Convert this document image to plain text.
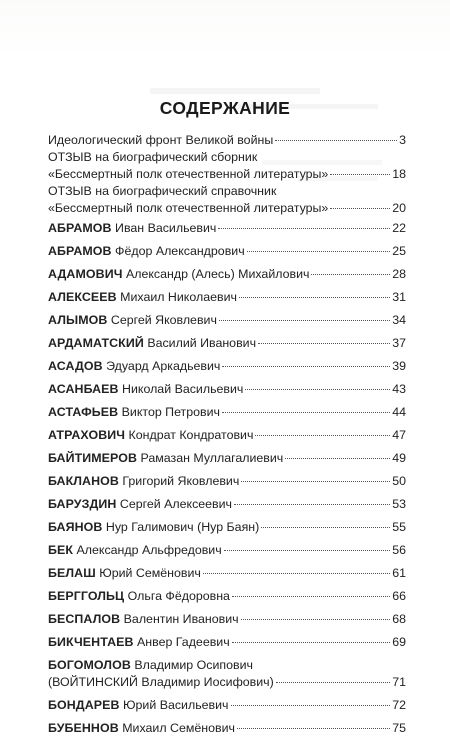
СОДЕРЖАНИЕ
Идеологический фронт Великой войны	3
ОТЗЫВ на биографический сборник
«Бессмертный полк отечественной литературы»	18
ОТЗЫВ на биографический справочник
«Бессмертный полк отечественной литературы»	20
АБРАМОВ Иван Васильевич	22
АБРАМОВ Фёдор Александрович	25
АДАМОВИЧ Александр (Алесь) Михайлович	28
АЛЕКСЕЕВ Михаил Николаевич	31
АЛЫМОВ Сергей Яковлевич	34
АРДАМАТСКИЙ Василий Иванович	37
АСАДОВ Эдуард Аркадьевич	39
АСАНБАЕВ Николай Васильевич	43
АСТАФЬЕВ Виктор Петрович	44
АТРАХОВИЧ Кондрат Кондратович	47
БАЙТИМЕРОВ Рамазан Муллагалиевич	49
БАКЛАНОВ Григорий Яковлевич	50
БАРУЗДИН Сергей Алексеевич	53
БАЯНОВ Нур Галимович (Нур Баян)	55
БЕК Александр Альфредович	56
БЕЛАШ Юрий Семёнович	61
БЕРГГОЛЬЦ Ольга Фёдоровна	66
БЕСПАЛОВ Валентин Иванович	68
БИКЧЕНТАЕВ Анвер Гадеевич	69
БОГОМОЛОВ Владимир Осипович
(ВОЙТИНСКИЙ Владимир Иосифович)	71
БОНДАРЕВ Юрий Васильевич	72
БУБЕННОВ Михаил Семёнович	75
